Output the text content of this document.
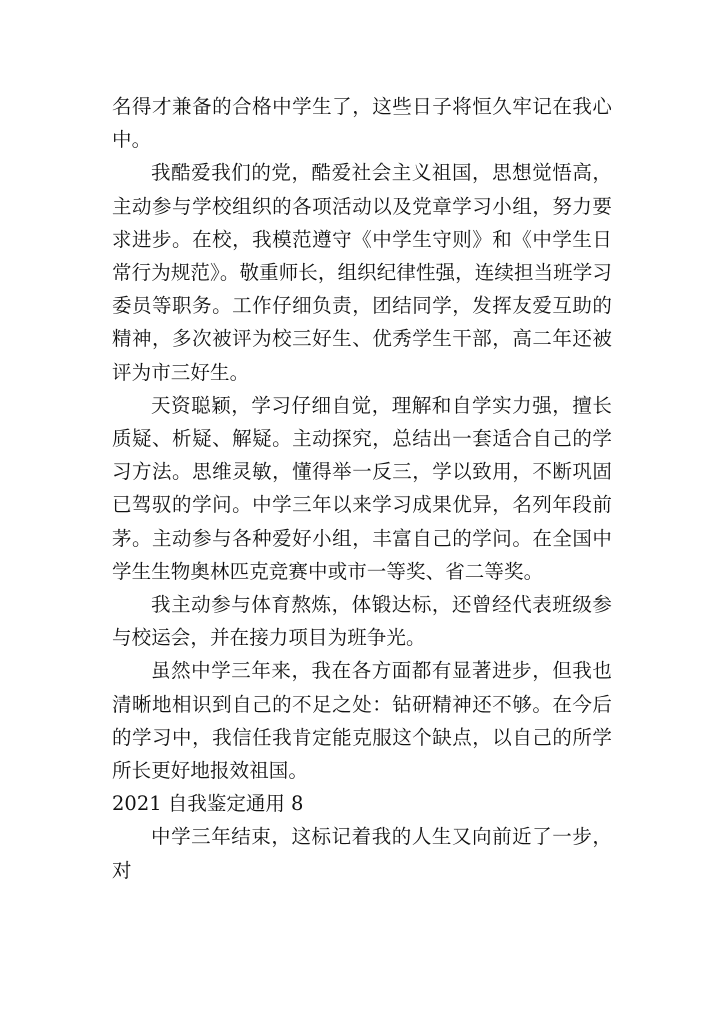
名得才兼备的合格中学生了，这些日子将恒久牢记在我心中。

我酷爱我们的党，酷爱社会主义祖国，思想觉悟高，主动参与学校组织的各项活动以及党章学习小组，努力要求进步。在校，我模范遵守《中学生守则》和《中学生日常行为规范》。敬重师长，组织纪律性强，连续担当班学习委员等职务。工作仔细负责，团结同学，发挥友爱互助的精神，多次被评为校三好生、优秀学生干部，高二年还被评为市三好生。

天资聪颖，学习仔细自觉，理解和自学实力强，擅长质疑、析疑、解疑。主动探究，总结出一套适合自己的学习方法。思维灵敏，懂得举一反三，学以致用，不断巩固已驾驭的学问。中学三年以来学习成果优异，名列年段前茅。主动参与各种爱好小组，丰富自己的学问。在全国中学生生物奥林匹克竞赛中或市一等奖、省二等奖。

我主动参与体育熬炼，体锻达标，还曾经代表班级参与校运会，并在接力项目为班争光。

虽然中学三年来，我在各方面都有显著进步，但我也清晰地相识到自己的不足之处：钻研精神还不够。在今后的学习中，我信任我肯定能克服这个缺点，以自己的所学所长更好地报效祖国。

2021 自我鉴定通用 8

中学三年结束，这标记着我的人生又向前近了一步，对
